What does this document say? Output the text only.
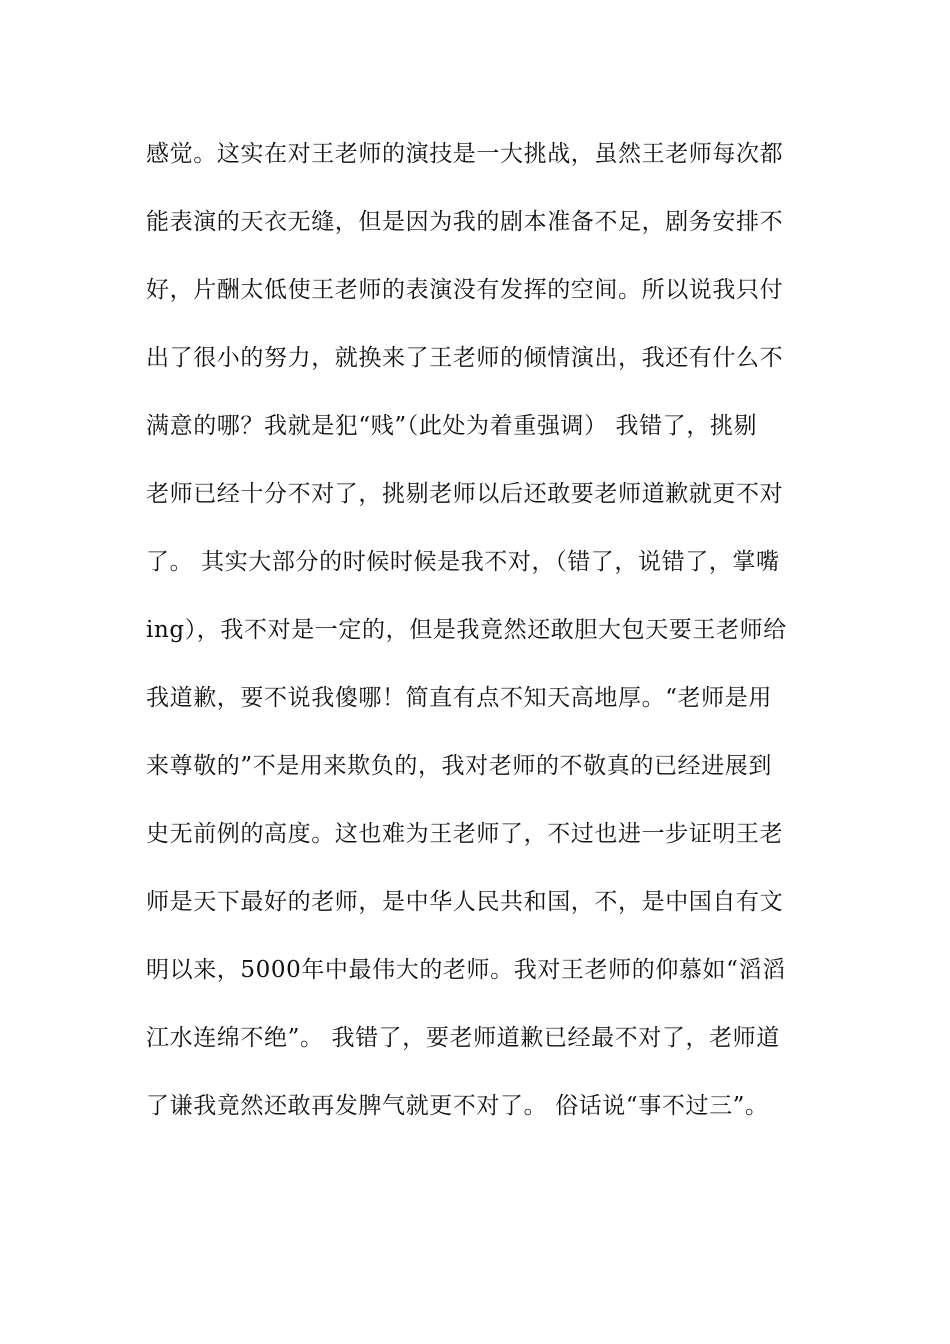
感觉。这实在对王老师的演技是一大挑战，虽然王老师每次都
能表演的天衣无缝，但是因为我的剧本准备不足，剧务安排不
好，片酬太低使王老师的表演没有发挥的空间。所以说我只付
出了很小的努力，就换来了王老师的倾情演出，我还有什么不
满意的哪？我就是犯“贱”（此处为着重强调） 我错了，挑剔
老师已经十分不对了，挑剔老师以后还敢要老师道歉就更不对
了。 其实大部分的时候时候是我不对，（错了，说错了，掌嘴
ing），我不对是一定的，但是我竟然还敢胆大包天要王老师给
我道歉，要不说我傻哪！简直有点不知天高地厚。“老师是用
来尊敬的”不是用来欺负的，我对老师的不敬真的已经进展到
史无前例的高度。这也难为王老师了，不过也进一步证明王老
师是天下最好的老师，是中华人民共和国，不，是中国自有文
明以来，5000年中最伟大的老师。我对王老师的仰慕如“滔滔
江水连绵不绝”。 我错了，要老师道歉已经最不对了，老师道
了谦我竟然还敢再发脾气就更不对了。 俗话说“事不过三”。
